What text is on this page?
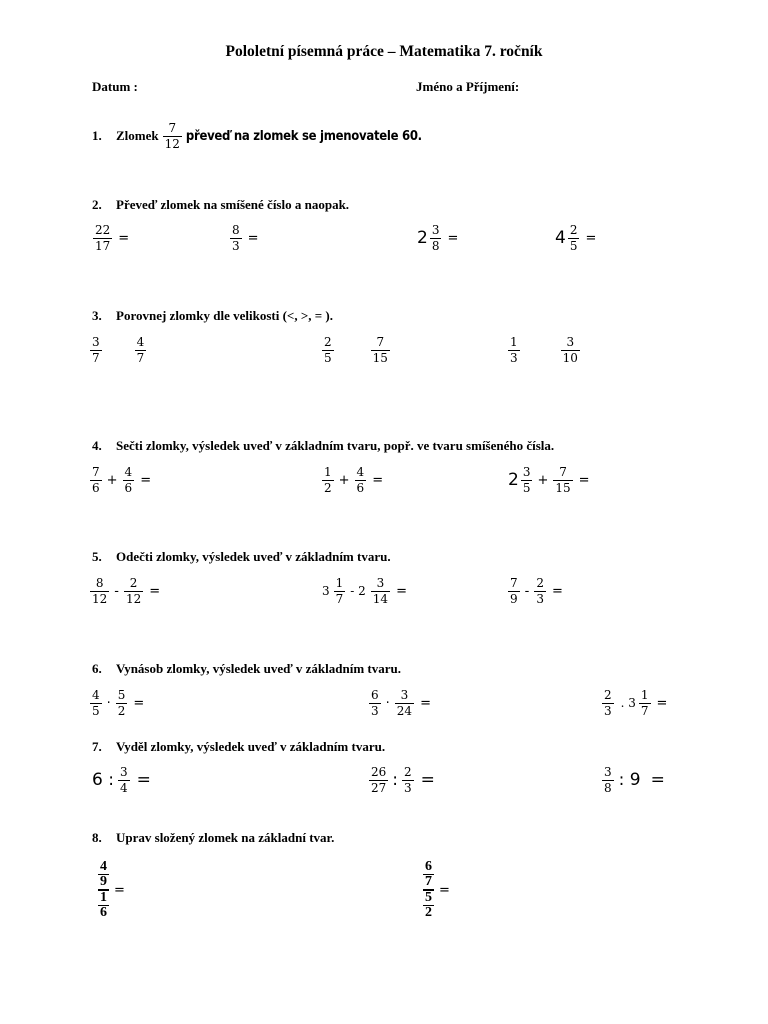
Pololetní písemná práce – Matematika 7. ročník
Datum :	Jméno a Příjmení:
1.	Zlomek $\frac{7}{12}$ převeď na zlomek se jmenovatele 60.
2. Převeď zlomek na smíšené číslo a naopak.
$\frac{22}{17}$ =	$\frac{8}{3}$ =	$2 \frac{3}{8}$ =	$4 \frac{2}{5}$ =
3. Porovnej zlomky dle velikosti (<, >, = ).
$\frac{3}{7}$	$\frac{4}{7}$	$\frac{2}{5}$	$\frac{7}{15}$	$\frac{1}{3}$	$\frac{3}{10}$
4. Sečti zlomky, výsledek uveď v základním tvaru, popř. ve tvaru smíšeného čísla.
$\frac{7}{6} + \frac{4}{6}$ =	$\frac{1}{2} + \frac{4}{6}$ =	$2 \frac{3}{5} + \frac{7}{15}$ =
5. Odečti zlomky, výsledek uveď v základním tvaru.
$\frac{8}{12} - \frac{2}{12}$ =	$3 \frac{1}{7} - 2 \frac{3}{14}$ =	$\frac{7}{9} - \frac{2}{3}$ =
6. Vynásob zlomky, výsledek uveď v základním tvaru.
$\frac{4}{5} \cdot \frac{5}{2}$ =	$\frac{6}{3} \cdot \frac{3}{24}$ =	$\frac{2}{3}$ . $3 \frac{1}{7}$ =
7. Vyděl zlomky, výsledek uveď v základním tvaru.
6 : $\frac{3}{4}$ =	$\frac{26}{27}$ : $\frac{2}{3}$ =	$\frac{3}{8}$ : 9 =
8. Uprav složený zlomek na základní tvar.
$\frac{\frac{4}{9}}{\frac{1}{6}}$ =	$\frac{\frac{6}{7}}{\frac{5}{2}}$ =
